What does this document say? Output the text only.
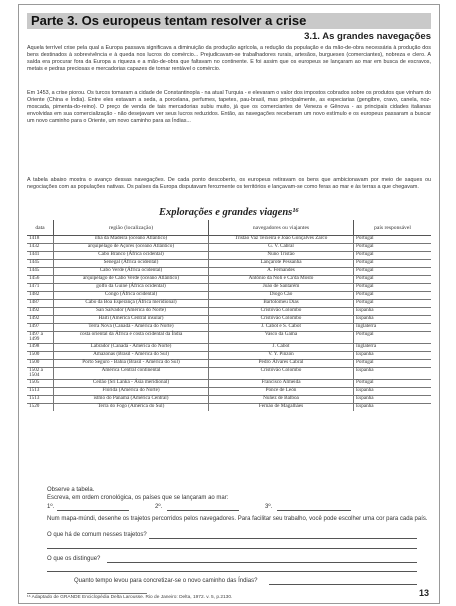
Parte 3. Os europeus tentam resolver a crise
3.1. As grandes navegações
Aquela terrível crise pela qual a Europa passava significava a diminuição da produção agrícola, a redução da população e da mão-de-obra necessária à produção dos bens destinados à sobrevivência e à queda nos lucros do comércio... Prejudicavam-se trabalhadores rurais, artesãos, burgueses (comerciantes), nobreza e clero. A saída era procurar fora da Europa a riqueza e a mão-de-obra que faltavam no continente. E foi assim que os europeus se lançaram ao mar em busca de escravos, metais e pedras preciosas e mercadorias capazes de tornar rentável o comércio.
Em 1453, a crise piorou. Os turcos tomaram a cidade de Constantinopla - na atual Turquia - e elevaram o valor dos impostos cobrados sobre os produtos que vinham do Oriente (China e Índia). Entre eles estavam a seda, a porcelana, perfumes, tapetes, pau-brasil, mas principalmente, as especiarias (gengibre, cravo, canela, noz-moscada, pimenta-do-reino). O preço de venda de tais mercadorias subiu muito, já que os comerciantes de Veneza e Gênova - as principais cidades italianas envolvidas em sua comercialização - não desejavam ver seus lucros reduzidos. Então, as navegações receberam um novo estímulo e os europeus passaram a buscar um novo caminho para o Oriente, um novo caminho para as Índias...
A tabela abaixo mostra o avanço dessas navegações. De cada ponto descoberto, os europeus retiravam os bens que ambicionavam por meio de saques ou negociações com as populações nativas. Os países da Europa disputavam ferozmente os territórios e lançavam-se como feras ao mar e às terras a que chegavam.
Explorações e grandes viagens¹⁶
data	região (localização)	navegadores ou viajantes	país responsável
1418	ilha da Madeira (oceano Atlântico)	Tristão Vaz Teixeira e João Gonçalves Zarco	Portugal
1432	arquipélago de Açores (oceano Atlântico)	G. V. Cabral	Portugal
1441	Cabo Branco (África ocidental)	Nuno Tristão	Portugal
1445	Senegal (África ocidental)	Lançarote Pessanha	Portugal
1445	Cabo Verde (África ocidental)	A. Fernandes	Portugal
1456	arquipélago de Cabo Verde (oceano Atlântico)	Antônio da Noli e Ca'da Mosto	Portugal
1471	golfo da Guiné (África ocidental)	João de Santarém	Portugal
1482	Congo (África ocidental)	Diogo Cão	Portugal
1487	Cabo da Boa Esperança (África meridional)	Bartolomeu Dias	Portugal
1492	San Salvador (América do Norte)	Cristóvão Colombo	Espanha
1492	Haiti (América Central insular)	Cristóvão Colombo	Espanha
1497	Terra Nova (Canadá - América do Norte)	J. Cabot e S. Cabot	Inglaterra
1497 a 1499	costa oriental da África e costa ocidental da Índia	Vasco da Gama	Portugal
1498	Labrador (Canadá - América do Norte)	J. Cabot	Inglaterra
1500	Amazonas (Brasil - América do Sul)	V. Y. Pinzón	Espanha
1500	Porto Seguro - Bahia (Brasil - América do Sul)	Pedro Álvares Cabral	Portugal
1502 a 1504	América Central continental	Cristóvão Colombo	Espanha
1505	Ceilão (Sri Lanka - Ásia meridional)	Francisco Almeida	Portugal
1513	Flórida (América do Norte)	Ponce de León	Espanha
1513	istmo do Panamá (América Central)	Nuñez de Balboa	Espanha
1520	Terra do Fogo (América do Sul)	Fernão de Magalhães	Espanha
Observe a tabela.
Escreva, em ordem cronológica, os países que se lançaram ao mar:
1º.	2º.	3º.
Num mapa-múndi, desenhe os trajetos percorridos pelos navegadores. Para facilitar seu trabalho, você pode escolher uma cor para cada país.
O que há de comum nesses trajetos?
O que os distingue?
Quanto tempo levou para concretizar-se o novo caminho das Índias?
¹⁶ Adaptado de GRANDE Enciclopédia Delta Larousse. Rio de Janeiro: Delta, 1972. v. 5, p.2130.	13
